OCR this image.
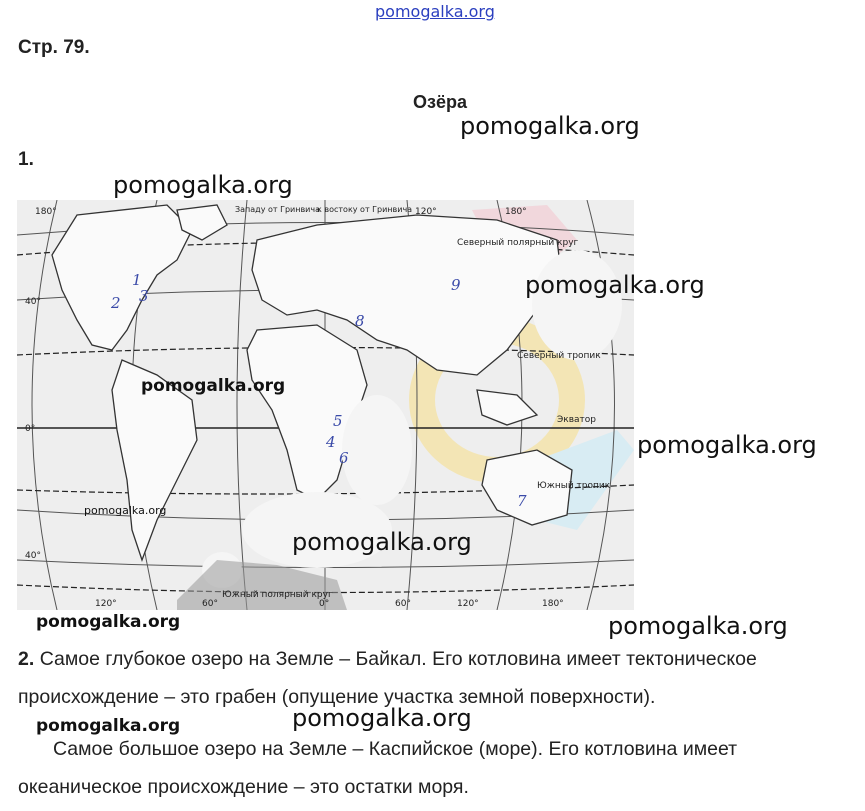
pomogalka.org
Стр. 79.
Озёра
1.
180°	Западу от Гринвича
к востоку от Гринвича 120°	180°
40°
0°
40°
120°	60°	0°	60°	120°	180°
Северный полярный круг
Северный тропик
Экватор
Южный тропик
Южный полярный круг
1
2 3
8
9
5
4
6
7
pomogalka.org
pomogalka.org
pomogalka.org
pomogalka.org
pomogalka.org
pomogalka.org
pomogalka.org
pomogalka.org	pomogalka.org
pomogalka.org	pomogalka.org
2. Самое глубокое озеро на Земле – Байкал. Его котловина имеет тектоническое происхождение – это грабен (опущение участка земной поверхности).
Самое большое озеро на Земле – Каспийское (море). Его котловина имеет океаническое происхождение – это остатки моря.
